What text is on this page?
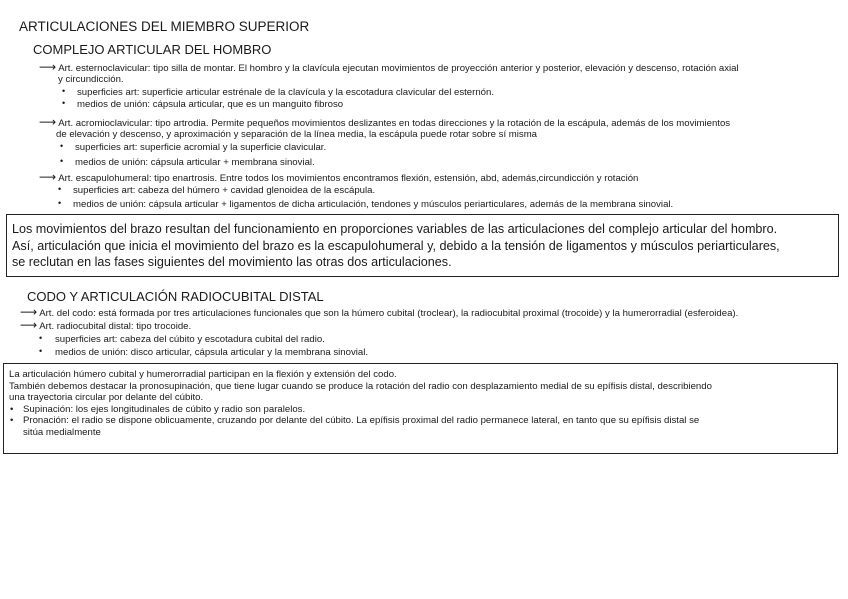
ARTICULACIONES DEL MIEMBRO SUPERIOR
COMPLEJO ARTICULAR DEL HOMBRO
⟶ Art. esternoclavicular: tipo silla de montar. El hombro y la clavícula ejecutan movimientos de proyección anterior y posterior, elevación y descenso, rotación axial
y circundicción.
• superficies art: superficie articular estrénale de la clavícula y la escotadura clavicular del esternón.
• medios de unión: cápsula articular, que es un manguito fibroso
⟶ Art. acromioclavicular: tipo artrodia. Permite pequeños movimientos deslizantes en todas direcciones y la rotación de la escápula, además de los movimientos
de elevación y descenso, y aproximación y separación de la línea media, la escápula puede rotar sobre sí misma
• superficies art: superficie acromial y la superficie clavicular.
• medios de unión: cápsula articular + membrana sinovial.
⟶ Art. escapulohumeral: tipo enartrosis. Entre todos los movimientos encontramos flexión, estensión, abd, además,circundicción y rotación
• superficies art: cabeza del húmero + cavidad glenoidea de la escápula.
• medios de unión: cápsula articular + ligamentos de dicha articulación, tendones y músculos periarticulares, además de la membrana sinovial.
Los movimientos del brazo resultan del funcionamiento en proporciones variables de las articulaciones del complejo articular del hombro.
Así, articulación que inicia el movimiento del brazo es la escapulohumeral y, debido a la tensión de ligamentos y músculos periarticulares,
se reclutan en las fases siguientes del movimiento las otras dos articulaciones.
CODO Y ARTICULACIÓN RADIOCUBITAL DISTAL
⟶ Art. del codo: está formada por tres articulaciones funcionales que son la húmero cubital (troclear), la radiocubital proximal (trocoide) y la humerorradial (esferoidea).
⟶ Art. radiocubital distal: tipo trocoide.
• superficies art: cabeza del cúbito y escotadura cubital del radio.
• medios de unión: disco articular, cápsula articular y la membrana sinovial.
La articulación húmero cubital y humerorradial participan en la flexión y extensión del codo.
También debemos destacar la pronosupinación, que tiene lugar cuando se produce la rotación del radio con desplazamiento medial de su epífisis distal, describiendo
una trayectoria circular por delante del cúbito.
• Supinación: los ejes longitudinales de cúbito y radio son paralelos.
• Pronación: el radio se dispone oblicuamente, cruzando por delante del cúbito. La epífisis proximal del radio permanece lateral, en tanto que su epífisis distal se
sitúa medialmente
